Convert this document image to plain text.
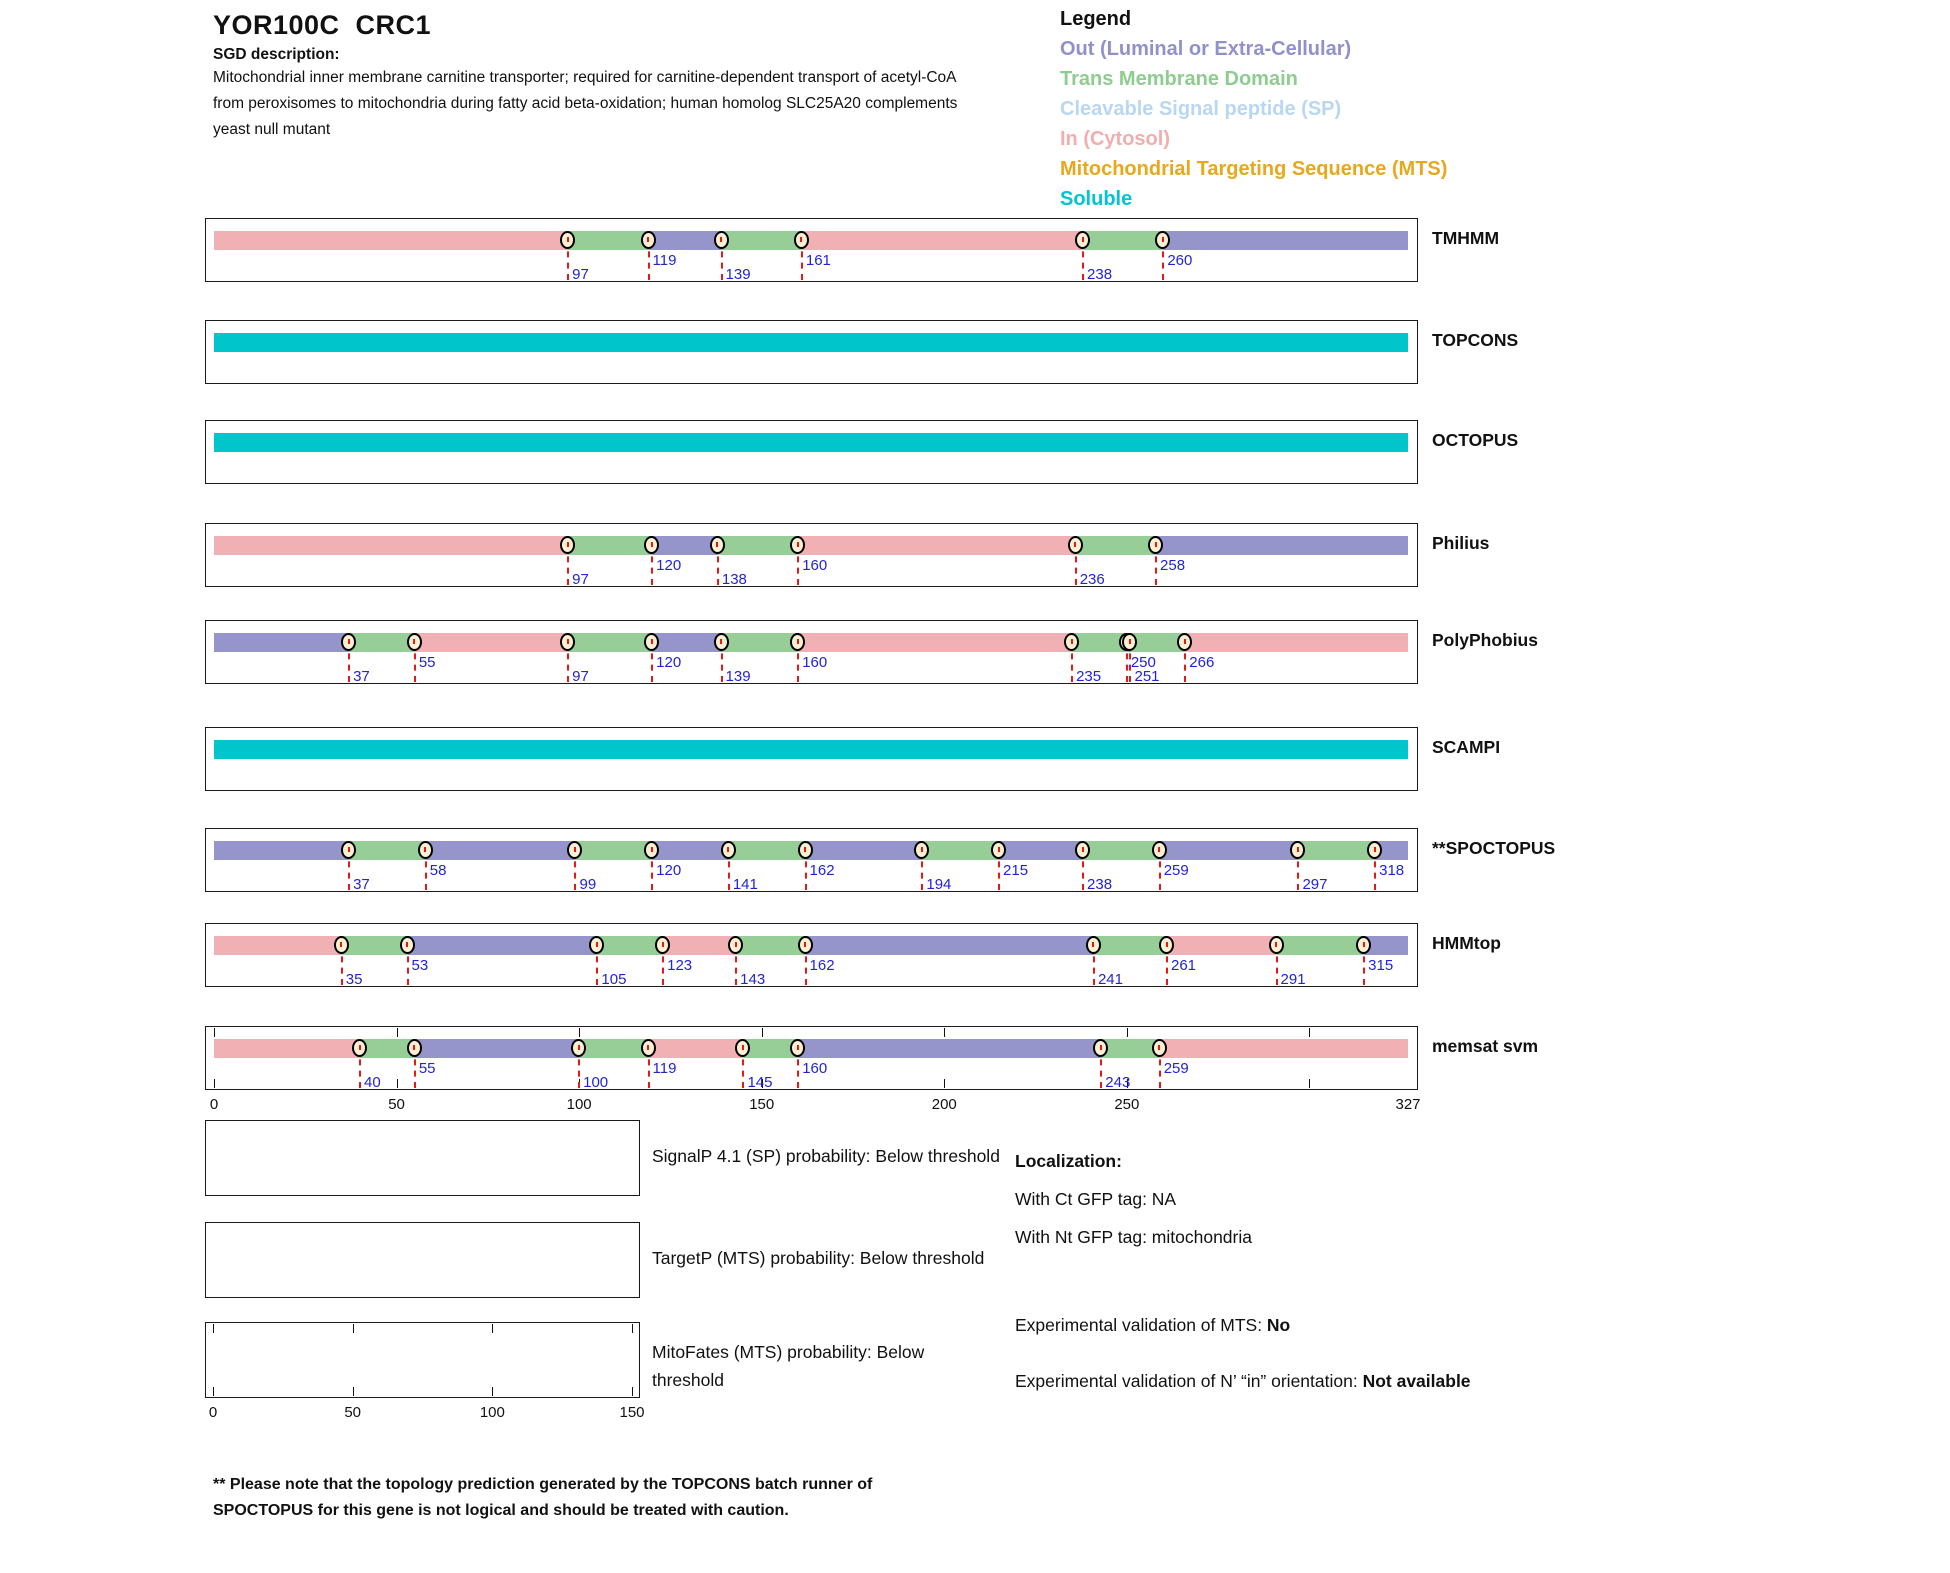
YOR100C  CRC1
SGD description:
Mitochondrial inner membrane carnitine transporter; required for carnitine-dependent transport of acetyl-CoA
from peroxisomes to mitochondria during fatty acid beta-oxidation; human homolog SLC25A20 complements
yeast null mutant
Legend
Out (Luminal or Extra-Cellular)
Trans Membrane Domain
Cleavable Signal peptide (SP)
In (Cytosol)
Mitochondrial Targeting Sequence (MTS)
Soluble
97
119
139
161
238
260
TMHMM
TOPCONS
OCTOPUS
97
120
138
160
236
258
Philius
37
55
97
120
139
160
235
250
251
266
PolyPhobius
SCAMPI
37
58
99
120
141
162
194
215
238
259
297
318
**SPOCTOPUS
35
53
105
123
143
162
241
261
291
315
HMMtop
40
55
100
119
145
160
243
259
memsat svm
0	50	100	150	200	250	327
SignalP 4.1 (SP) probability: Below threshold
TargetP (MTS) probability: Below threshold
MitoFates (MTS) probability: Below threshold
0	50	100	150
Localization:
With Ct GFP tag: NA
With Nt GFP tag: mitochondria
Experimental validation of MTS: No
Experimental validation of N’ “in” orientation: Not available
** Please note that the topology prediction generated by the TOPCONS batch runner of
SPOCTOPUS for this gene is not logical and should be treated with caution.
